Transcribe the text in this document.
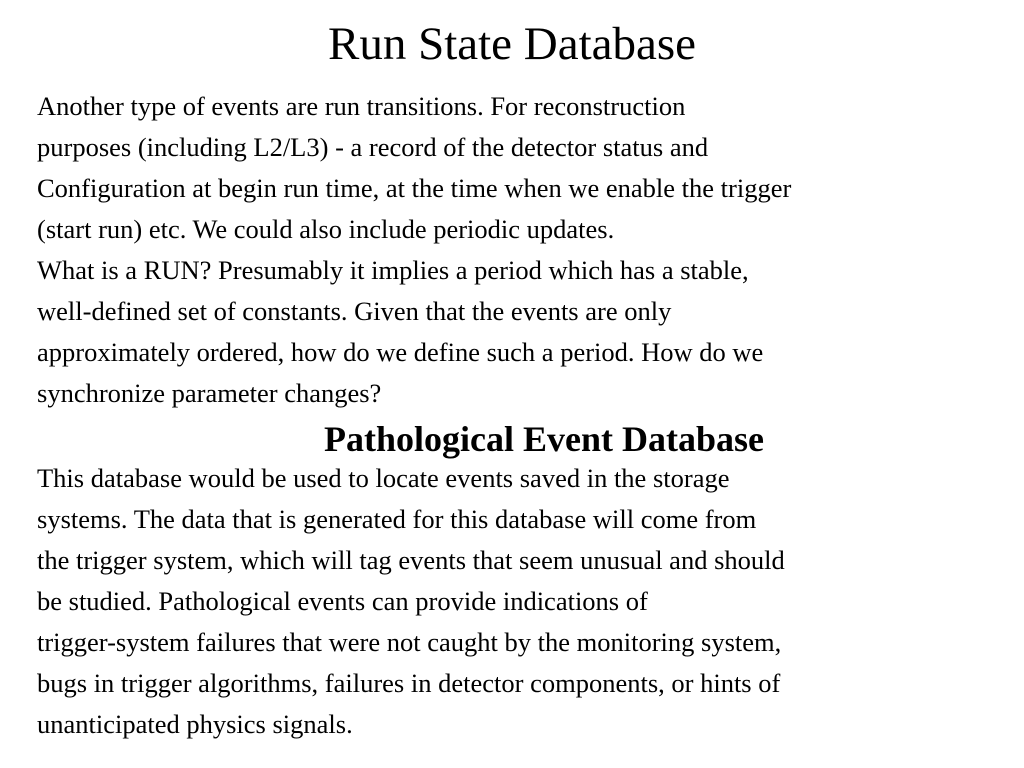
Run State Database
Another type of events are run transitions. For reconstruction
purposes (including L2/L3) - a record of the detector status and
Configuration at begin run time, at the time when we enable the trigger
(start run) etc. We could also include periodic updates.
What is a RUN? Presumably it implies a period which has a stable,
well-defined set of constants. Given that the events are only
approximately ordered, how do we define such a period. How do we
synchronize parameter changes?
Pathological Event Database
This database would be used to locate events saved in the storage
systems. The data that is generated for this database will come from
the trigger system, which will tag events that seem unusual and should
be studied. Pathological events can provide indications of
trigger-system failures that were not caught by the monitoring system,
bugs in trigger algorithms, failures in detector components, or hints of
unanticipated physics signals.
